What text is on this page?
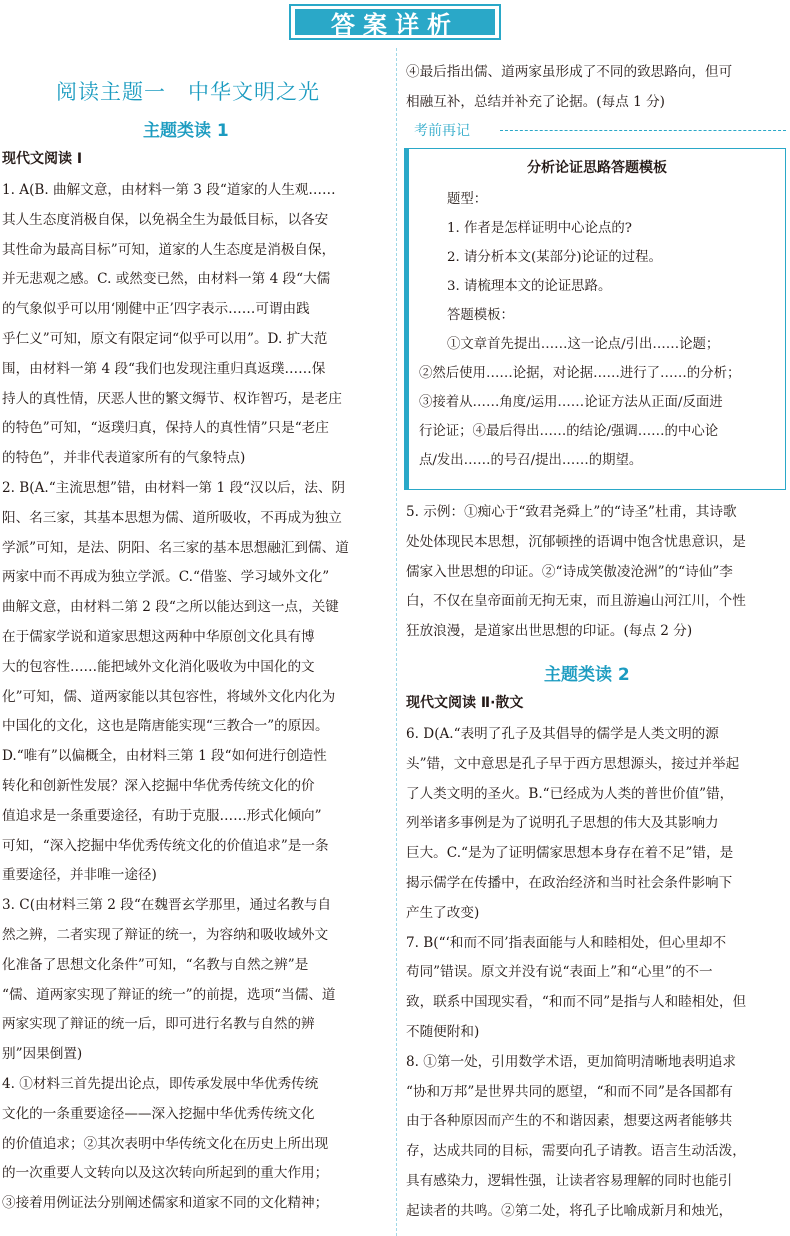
答案详析
阅读主题一　中华文明之光
主题类读 1
现代文阅读 Ⅰ
1. A(B. 曲解文意，由材料一第 3 段“道家的人生观……
其人生态度消极自保，以免祸全生为最低目标，以各安
其性命为最高目标”可知，道家的人生态度是消极自保，
并无悲观之感。C. 或然变已然，由材料一第 4 段“大儒
的气象似乎可以用‘刚健中正’四字表示……可谓由践
乎仁义”可知，原文有限定词“似乎可以用”。D. 扩大范
围，由材料一第 4 段“我们也发现注重归真返璞……保
持人的真性情，厌恶人世的繁文缛节、权诈智巧，是老庄
的特色”可知，“返璞归真，保持人的真性情”只是“老庄
的特色”，并非代表道家所有的气象特点)
2. B(A.“主流思想”错，由材料一第 1 段“汉以后，法、阴
阳、名三家，其基本思想为儒、道所吸收，不再成为独立
学派”可知，是法、阴阳、名三家的基本思想融汇到儒、道
两家中而不再成为独立学派。C.“借鉴、学习域外文化”
曲解文意，由材料二第 2 段“之所以能达到这一点，关键
在于儒家学说和道家思想这两种中华原创文化具有博
大的包容性……能把域外文化消化吸收为中国化的文
化”可知，儒、道两家能以其包容性，将域外文化内化为
中国化的文化，这也是隋唐能实现“三教合一”的原因。
D.“唯有”以偏概全，由材料三第 1 段“如何进行创造性
转化和创新性发展？深入挖掘中华优秀传统文化的价
值追求是一条重要途径，有助于克服……形式化倾向”
可知，“深入挖掘中华优秀传统文化的价值追求”是一条
重要途径，并非唯一途径)
3. C(由材料三第 2 段“在魏晋玄学那里，通过名教与自
然之辨，二者实现了辩证的统一，为容纳和吸收域外文
化准备了思想文化条件”可知，“名教与自然之辨”是
“儒、道两家实现了辩证的统一”的前提，选项“当儒、道
两家实现了辩证的统一后，即可进行名教与自然的辨
别”因果倒置)
4. ①材料三首先提出论点，即传承发展中华优秀传统
文化的一条重要途径——深入挖掘中华优秀传统文化
的价值追求；②其次表明中华传统文化在历史上所出现
的一次重要人文转向以及这次转向所起到的重大作用；
③接着用例证法分别阐述儒家和道家不同的文化精神；
④最后指出儒、道两家虽形成了不同的致思路向，但可
相融互补，总结并补充了论据。(每点 1 分)
考前再记
分析论证思路答题模板
题型：
1. 作者是怎样证明中心论点的?
2. 请分析本文(某部分)论证的过程。
3. 请梳理本文的论证思路。
答题模板：
①文章首先提出……这一论点/引出……论题；
②然后使用……论据，对论据……进行了……的分析；
③接着从……角度/运用……论证方法从正面/反面进
行论证；④最后得出……的结论/强调……的中心论
点/发出……的号召/提出……的期望。
5. 示例：①痴心于“致君尧舜上”的“诗圣”杜甫，其诗歌
处处体现民本思想，沉郁顿挫的语调中饱含忧患意识，是
儒家入世思想的印证。②“诗成笑傲凌沧洲”的“诗仙”李
白，不仅在皇帝面前无拘无束，而且游遍山河江川，个性
狂放浪漫，是道家出世思想的印证。(每点 2 分)
主题类读 2
现代文阅读 Ⅱ·散文
6. D(A.“表明了孔子及其倡导的儒学是人类文明的源
头”错，文中意思是孔子早于西方思想源头，接过并举起
了人类文明的圣火。B.“已经成为人类的普世价值”错，
列举诸多事例是为了说明孔子思想的伟大及其影响力
巨大。C.“是为了证明儒家思想本身存在着不足”错，是
揭示儒学在传播中，在政治经济和当时社会条件影响下
产生了改变)
7. B(“‘和而不同’指表面能与人和睦相处，但心里却不
苟同”错误。原文并没有说“表面上”和“心里”的不一
致，联系中国现实看，“和而不同”是指与人和睦相处，但
不随便附和)
8. ①第一处，引用数学术语，更加简明清晰地表明追求
“协和万邦”是世界共同的愿望，“和而不同”是各国都有
由于各种原因而产生的不和谐因素，想要这两者能够共
存，达成共同的目标，需要向孔子请教。语言生动活泼，
具有感染力，逻辑性强，让读者容易理解的同时也能引
起读者的共鸣。②第二处，将孔子比喻成新月和烛光，
